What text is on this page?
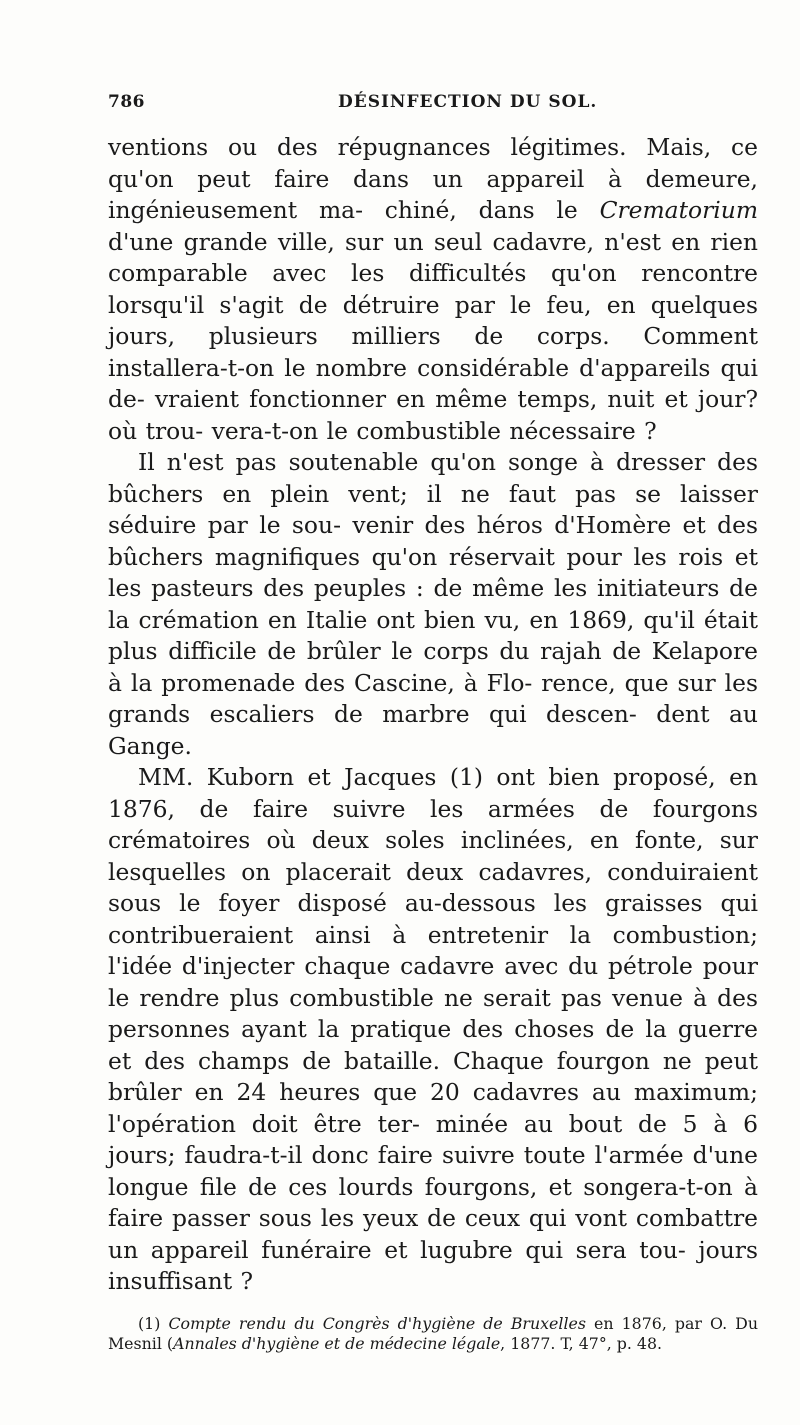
786	DÉSINFECTION DU SOL.

ventions ou des répugnances légitimes. Mais, ce qu'on peut faire dans un appareil à demeure, ingénieusement ma- chiné, dans le Crematorium d'une grande ville, sur un seul cadavre, n'est en rien comparable avec les difficultés qu'on rencontre lorsqu'il s'agit de détruire par le feu, en quelques jours, plusieurs milliers de corps. Comment installera-t-on le nombre considérable d'appareils qui de- vraient fonctionner en même temps, nuit et jour? où trou- vera-t-on le combustible nécessaire ?

Il n'est pas soutenable qu'on songe à dresser des bûchers en plein vent; il ne faut pas se laisser séduire par le sou- venir des héros d'Homère et des bûchers magnifiques qu'on réservait pour les rois et les pasteurs des peuples : de même les initiateurs de la crémation en Italie ont bien vu, en 1869, qu'il était plus difficile de brûler le corps du rajah de Kelapore à la promenade des Cascine, à Flo- rence, que sur les grands escaliers de marbre qui descen- dent au Gange.

MM. Kuborn et Jacques (1) ont bien proposé, en 1876, de faire suivre les armées de fourgons crématoires où deux soles inclinées, en fonte, sur lesquelles on placerait deux cadavres, conduiraient sous le foyer disposé au-dessous les graisses qui contribueraient ainsi à entretenir la combustion; l'idée d'injecter chaque cadavre avec du pétrole pour le rendre plus combustible ne serait pas venue à des personnes ayant la pratique des choses de la guerre et des champs de bataille. Chaque fourgon ne peut brûler en 24 heures que 20 cadavres au maximum; l'opération doit être ter- minée au bout de 5 à 6 jours; faudra-t-il donc faire suivre toute l'armée d'une longue file de ces lourds fourgons, et songera-t-on à faire passer sous les yeux de ceux qui vont combattre un appareil funéraire et lugubre qui sera tou- jours insuffisant ?

(1) Compte rendu du Congrès d'hygiène de Bruxelles en 1876, par O. Du Mesnil (Annales d'hygiène et de médecine légale, 1877. T, 47°, p. 48.
